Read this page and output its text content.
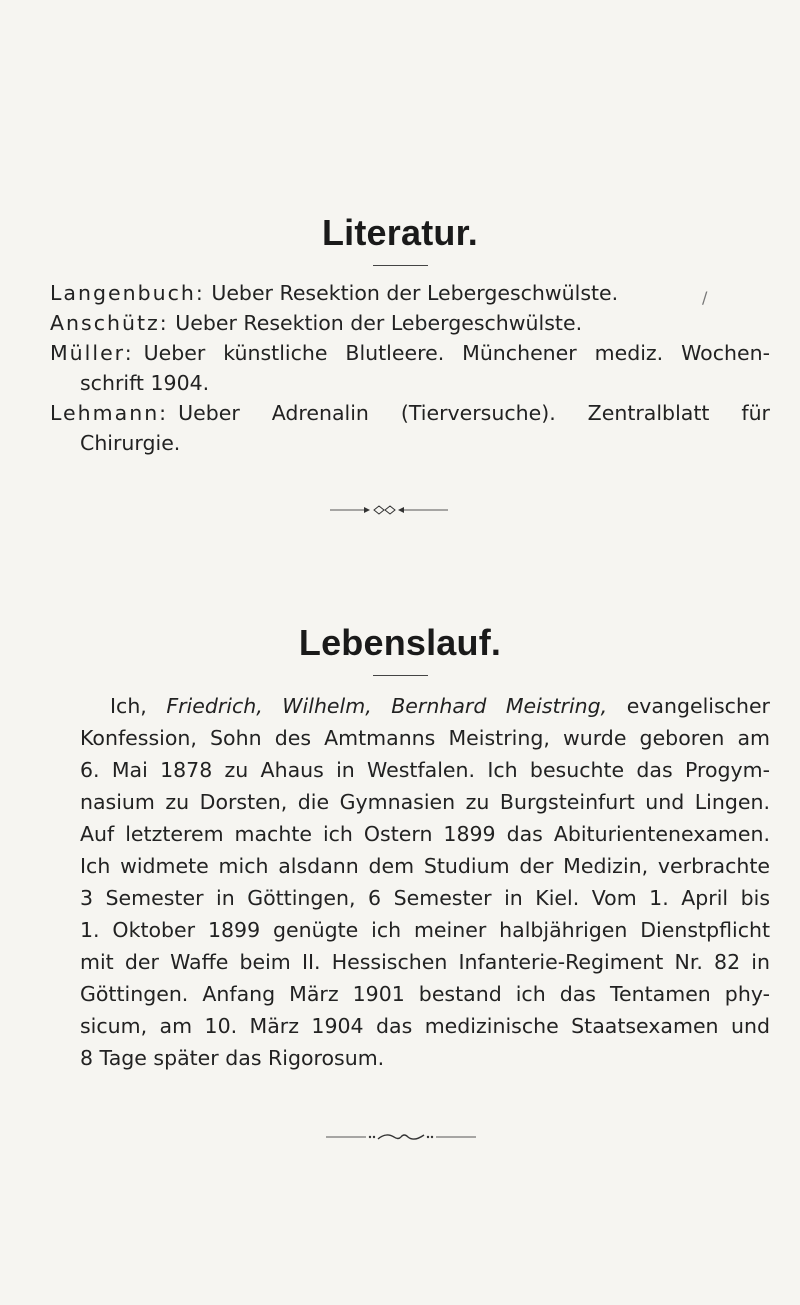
Literatur.
Langenbuch: Ueber Resektion der Lebergeschwülste.	/
Anschütz: Ueber Resektion der Lebergeschwülste.
Müller: Ueber künstliche Blutleere. Münchener mediz. Wochen-
schrift 1904.
Lehmann: Ueber Adrenalin (Tierversuche). Zentralblatt für
Chirurgie.
Lebenslauf.
Ich, Friedrich, Wilhelm, Bernhard Meistring, evangelischer
Konfession, Sohn des Amtmanns Meistring, wurde geboren am
6. Mai 1878 zu Ahaus in Westfalen. Ich besuchte das Progym-
nasium zu Dorsten, die Gymnasien zu Burgsteinfurt und Lingen.
Auf letzterem machte ich Ostern 1899 das Abiturientenexamen.
Ich widmete mich alsdann dem Studium der Medizin, verbrachte
3 Semester in Göttingen, 6 Semester in Kiel. Vom 1. April bis
1. Oktober 1899 genügte ich meiner halbjährigen Dienstpflicht
mit der Waffe beim II. Hessischen Infanterie-Regiment Nr. 82 in
Göttingen. Anfang März 1901 bestand ich das Tentamen phy-
sicum, am 10. März 1904 das medizinische Staatsexamen und
8 Tage später das Rigorosum.
